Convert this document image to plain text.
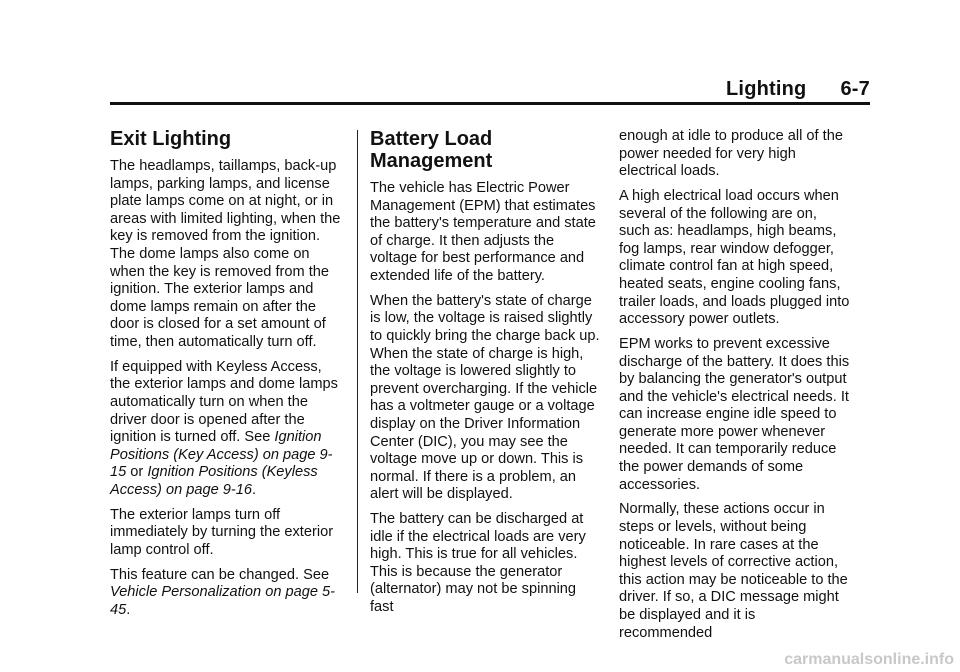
Lighting 6-7
Exit Lighting

The headlamps, taillamps, back-up lamps, parking lamps, and license plate lamps come on at night, or in areas with limited lighting, when the key is removed from the ignition. The dome lamps also come on when the key is removed from the ignition. The exterior lamps and dome lamps remain on after the door is closed for a set amount of time, then automatically turn off.

If equipped with Keyless Access, the exterior lamps and dome lamps automatically turn on when the driver door is opened after the ignition is turned off. See Ignition Positions (Key Access) on page 9-15 or Ignition Positions (Keyless Access) on page 9-16.

The exterior lamps turn off immediately by turning the exterior lamp control off.

This feature can be changed. See Vehicle Personalization on page 5-45.

Battery Load Management

The vehicle has Electric Power Management (EPM) that estimates the battery's temperature and state of charge. It then adjusts the voltage for best performance and extended life of the battery.

When the battery's state of charge is low, the voltage is raised slightly to quickly bring the charge back up. When the state of charge is high, the voltage is lowered slightly to prevent overcharging. If the vehicle has a voltmeter gauge or a voltage display on the Driver Information Center (DIC), you may see the voltage move up or down. This is normal. If there is a problem, an alert will be displayed.

The battery can be discharged at idle if the electrical loads are very high. This is true for all vehicles. This is because the generator (alternator) may not be spinning fast

enough at idle to produce all of the power needed for very high electrical loads.

A high electrical load occurs when several of the following are on, such as: headlamps, high beams, fog lamps, rear window defogger, climate control fan at high speed, heated seats, engine cooling fans, trailer loads, and loads plugged into accessory power outlets.

EPM works to prevent excessive discharge of the battery. It does this by balancing the generator's output and the vehicle's electrical needs. It can increase engine idle speed to generate more power whenever needed. It can temporarily reduce the power demands of some accessories.

Normally, these actions occur in steps or levels, without being noticeable. In rare cases at the highest levels of corrective action, this action may be noticeable to the driver. If so, a DIC message might be displayed and it is recommended

carmanualsonline.info
